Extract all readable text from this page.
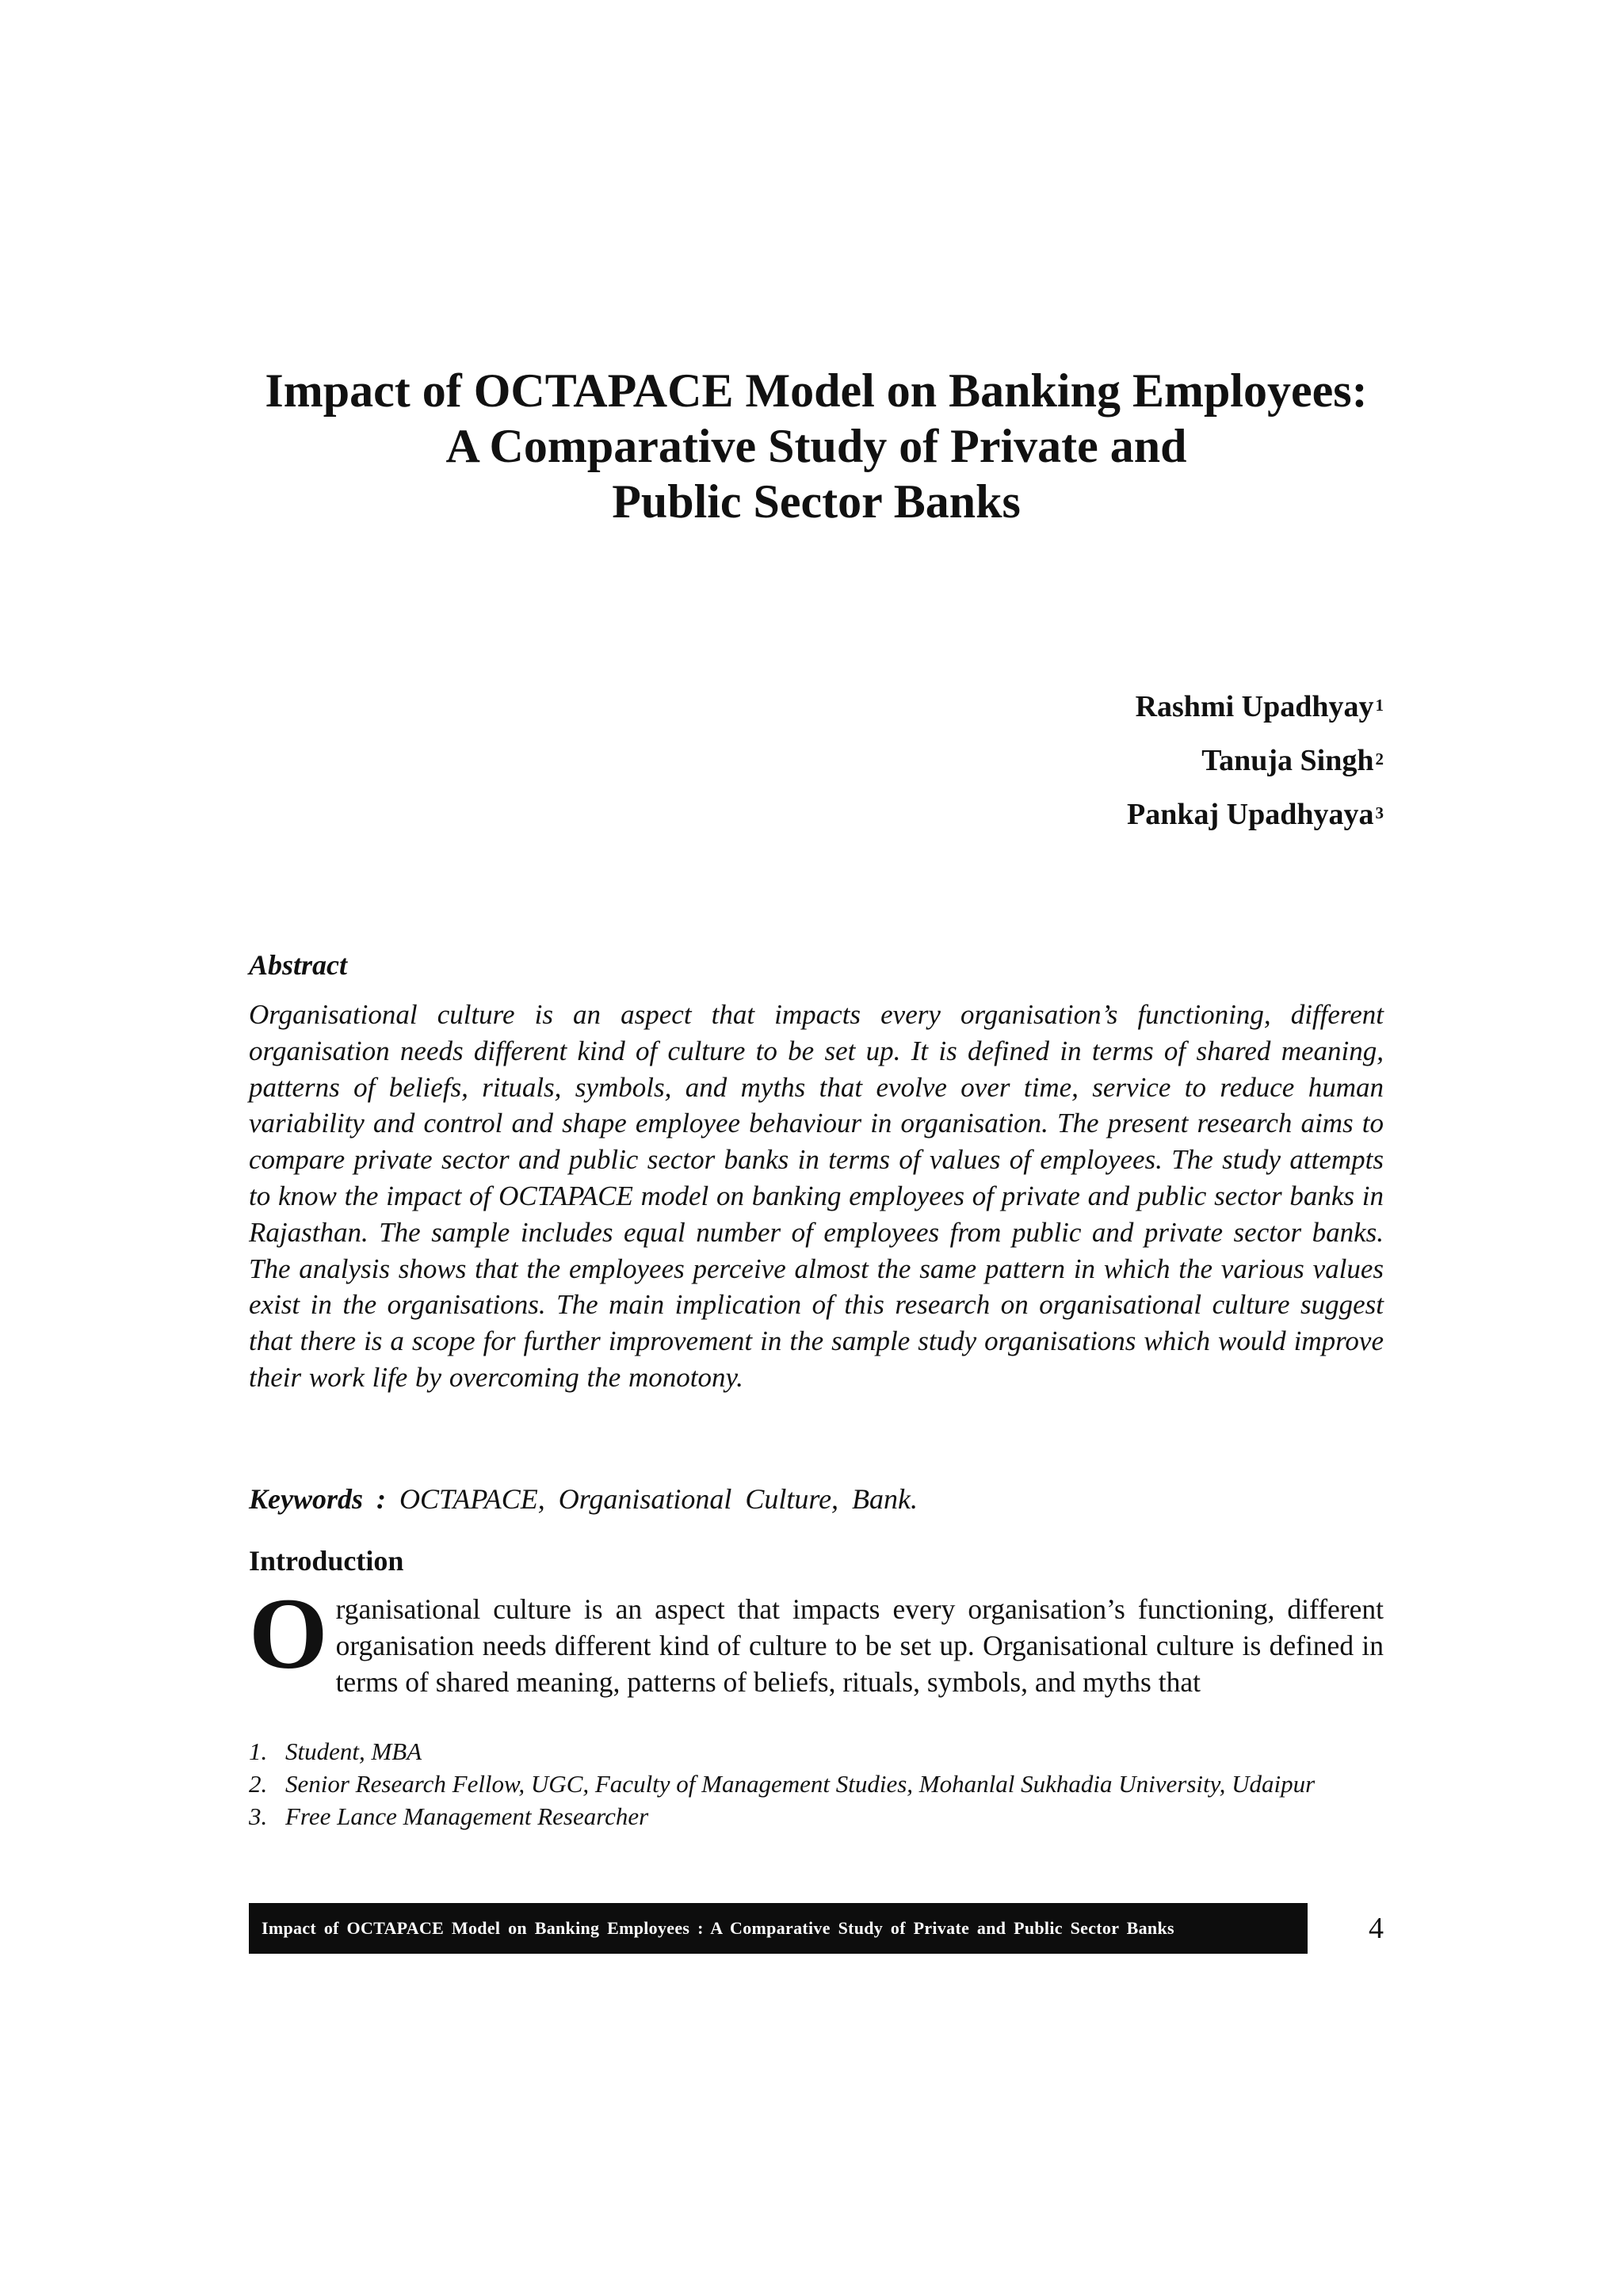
Impact of OCTAPACE Model on Banking Employees:
A Comparative Study of Private and
Public Sector Banks
Rashmi Upadhyay$^1$
Tanuja Singh$^2$
Pankaj Upadhyaya$^3$
Abstract
Organisational culture is an aspect that impacts every organisation’s functioning, different organisation needs different kind of culture to be set up. It is defined in terms of shared meaning, patterns of beliefs, rituals, symbols, and myths that evolve over time, service to reduce human variability and control and shape employee behaviour in organisation. The present research aims to compare private sector and public sector banks in terms of values of employees. The study attempts to know the impact of OCTAPACE model on banking employees of private and public sector banks in Rajasthan. The sample includes equal number of employees from public and private sector banks. The analysis shows that the employees perceive almost the same pattern in which the various values exist in the organisations. The main implication of this research on organisational culture suggest that there is a scope for further improvement in the sample study organisations which would improve their work life by overcoming the monotony.
Keywords : OCTAPACE, Organisational Culture, Bank.
Introduction
Organisational culture is an aspect that impacts every organisation’s functioning, different organisation needs different kind of culture to be set up. Organisational culture is defined in terms of shared meaning, patterns of beliefs, rituals, symbols, and myths that
1. Student, MBA
2. Senior Research Fellow, UGC, Faculty of Management Studies, Mohanlal Sukhadia University, Udaipur
3. Free Lance Management Researcher
Impact of OCTAPACE Model on Banking Employees : A Comparative Study of Private and Public Sector Banks	4
